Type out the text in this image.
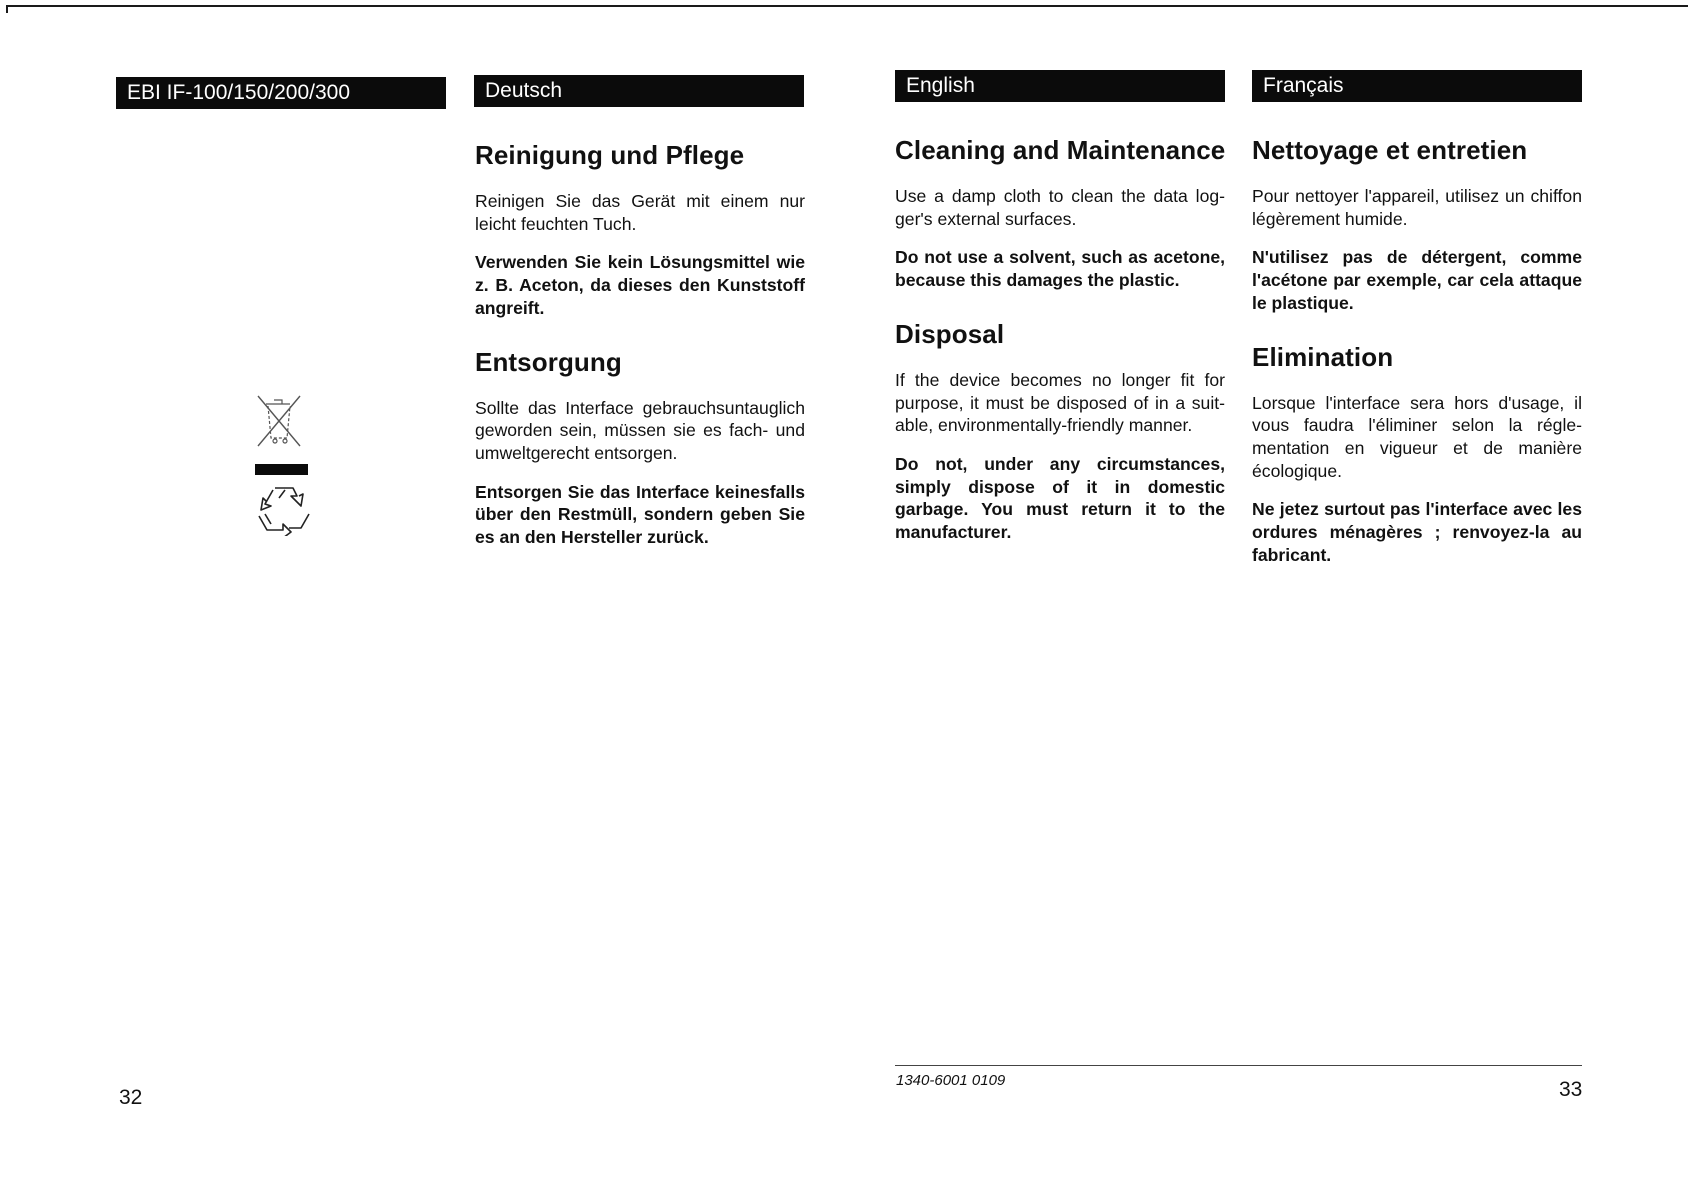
EBI IF-100/150/200/300	Deutsch	English	Français
Reinigung und Pflege

Reinigen Sie das Gerät mit einem nur leicht feuchten Tuch.

Verwenden Sie kein Lösungsmittel wie z. B. Aceton, da dieses den Kunststoff angreift.

Entsorgung

Sollte das Interface gebrauchsuntauglich geworden sein, müssen sie es fach- und umweltgerecht entsorgen.

Entsorgen Sie das Interface keinesfalls über den Restmüll, sondern geben Sie es an den Hersteller zurück.

Cleaning and Maintenance

Use a damp cloth to clean the data logger's external surfaces.

Do not use a solvent, such as acetone, because this damages the plastic.

Disposal

If the device becomes no longer fit for purpose, it must be disposed of in a suitable, environmentally-friendly manner.

Do not, under any circumstances, simply dispose of it in domestic garbage. You must return it to the manufacturer.

Nettoyage et entretien

Pour nettoyer l'appareil, utilisez un chiffon légèrement humide.

N'utilisez pas de détergent, comme l'acétone par exemple, car cela attaque le plastique.

Elimination

Lorsque l'interface sera hors d'usage, il vous faudra l'éliminer selon la réglementation en vigueur et de manière écologique.

Ne jetez surtout pas l'interface avec les ordures ménagères ; renvoyez-la au fabricant.

1340-6001 0109
32	33
